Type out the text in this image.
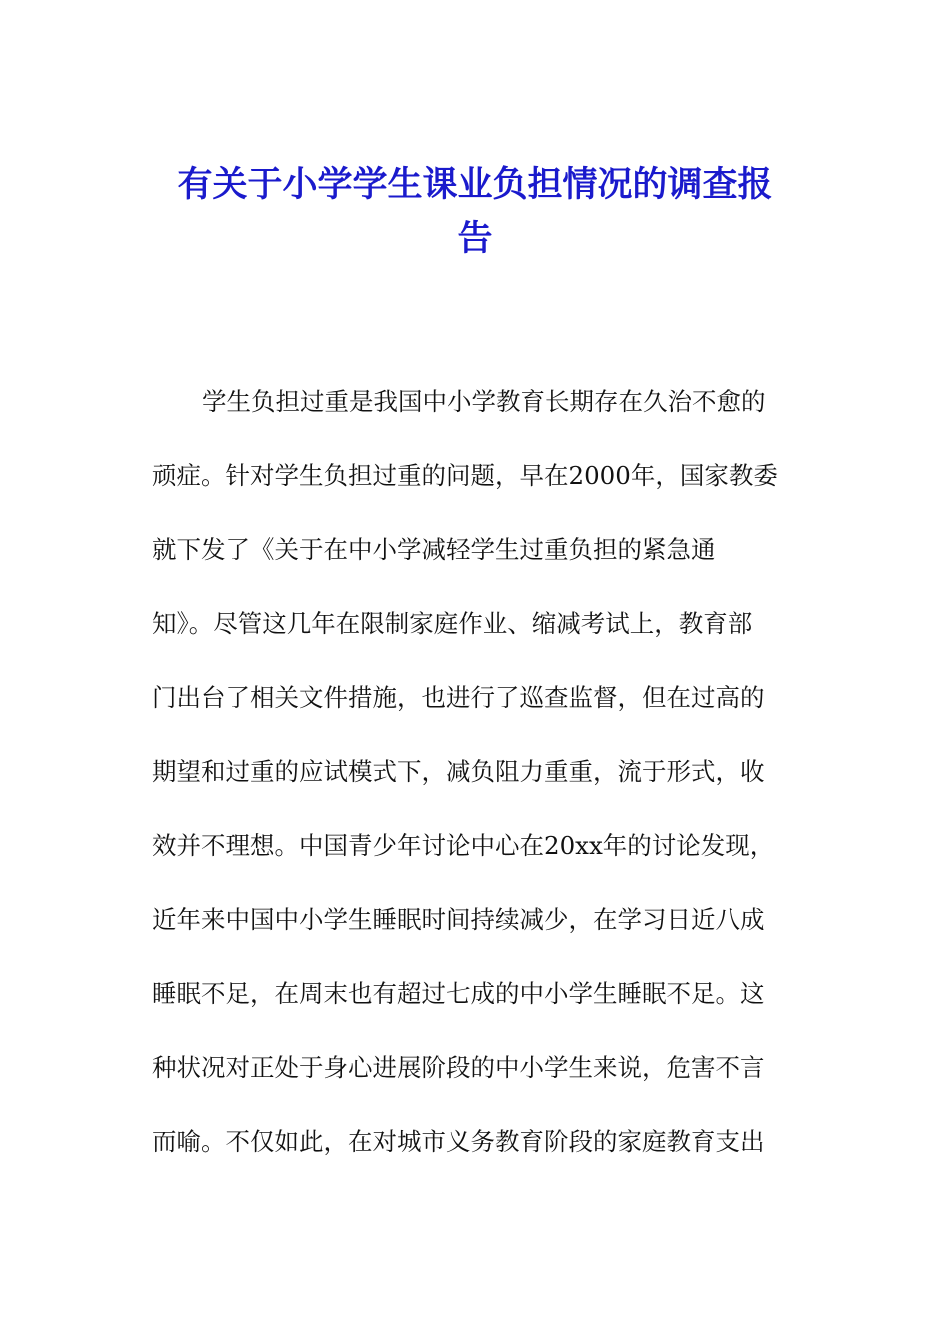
有关于小学学生课业负担情况的调查报
告
学生负担过重是我国中小学教育长期存在久治不愈的
顽症。针对学生负担过重的问题，早在2000年，国家教委
就下发了《关于在中小学减轻学生过重负担的紧急通
知》。尽管这几年在限制家庭作业、缩减考试上，教育部
门出台了相关文件措施，也进行了巡查监督，但在过高的
期望和过重的应试模式下，减负阻力重重，流于形式，收
效并不理想。中国青少年讨论中心在20xx年的讨论发现，
近年来中国中小学生睡眠时间持续减少，在学习日近八成
睡眠不足，在周末也有超过七成的中小学生睡眠不足。这
种状况对正处于身心进展阶段的中小学生来说，危害不言
而喻。不仅如此，在对城市义务教育阶段的家庭教育支出
